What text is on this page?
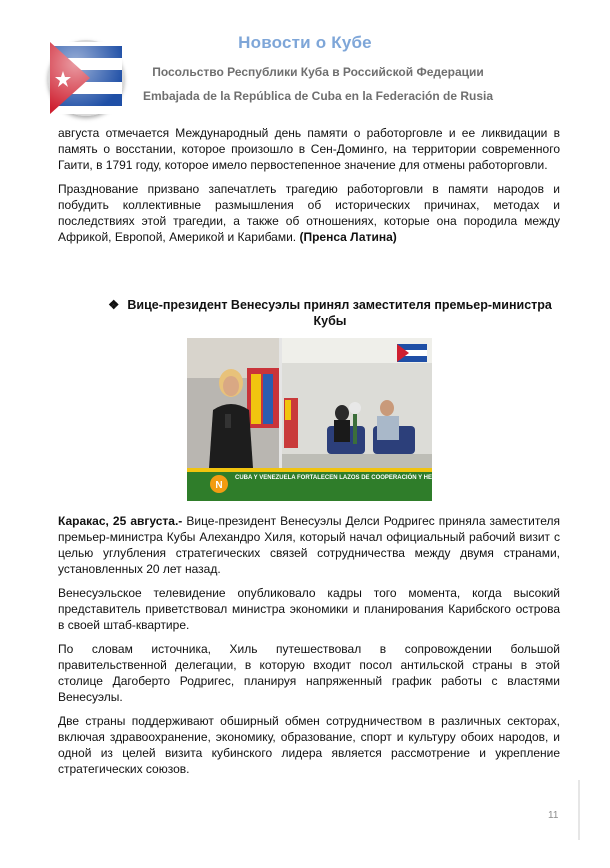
Новости о Кубе
Посольство Республики Куба в Российской Федерации
Embajada de la República de Cuba en la Federación de Rusia

августа отмечается Международный день памяти о работорговле и ее ликвидации в память о восстании, которое произошло в Сен-Доминго, на территории современного Гаити, в 1791 году, которое имело первостепенное значение для отмены работорговли.

Празднование призвано запечатлеть трагедию работорговли в памяти народов и побудить коллективные размышления об исторических причинах, методах и последствиях этой трагедии, а также об отношениях, которые она породила между Африкой, Европой, Америкой и Карибами. (Пренса Латина)

❖ Вице-президент Венесуэлы принял заместителя премьер-министра Кубы
N
CUBA Y VENEZUELA FORTALECEN LAZOS DE COOPERACIÓN Y HERMANDAD

Каракас, 25 августа.- Вице-президент Венесуэлы Делси Родригес приняла заместителя премьер-министра Кубы Алехандро Хиля, который начал официальный рабочий визит с целью углубления стратегических связей сотрудничества между двумя странами, установленных 20 лет назад.

Венесуэльское телевидение опубликовало кадры того момента, когда высокий представитель приветствовал министра экономики и планирования Карибского острова в своей штаб-квартире.

По словам источника, Хиль путешествовал в сопровождении большой правительственной делегации, в которую входит посол антильской страны в этой столице Дагоберто Родригес, планируя напряженный график работы с властями Венесуэлы.

Две страны поддерживают обширный обмен сотрудничеством в различных секторах, включая здравоохранение, экономику, образование, спорт и культуру обоих народов, и одной из целей визита кубинского лидера является рассмотрение и укрепление стратегических союзов.

11
